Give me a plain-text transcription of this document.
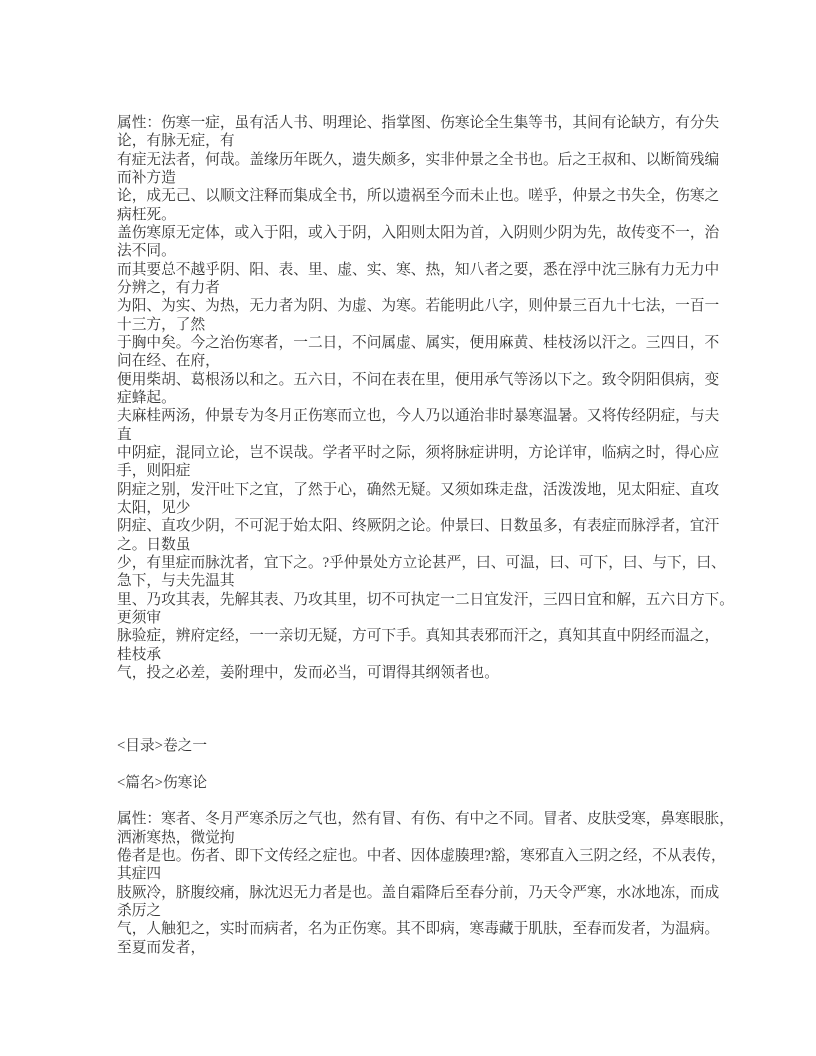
属性：伤寒一症，虽有活人书、明理论、指掌图、伤寒论全生集等书，其间有论缺方，有分失
论，有脉无症，有
有症无法者，何哉。盖缘历年既久，遗失颇多，实非仲景之全书也。后之王叔和、以断简残编
而补方造
论，成无己、以顺文注释而集成全书，所以遗祸至今而未止也。嗟乎，仲景之书失全，伤寒之
病枉死。
盖伤寒原无定体，或入于阳，或入于阴，入阳则太阳为首，入阴则少阴为先，故传变不一，治
法不同。
而其要总不越乎阴、阳、表、里、虚、实、寒、热，知八者之要，悉在浮中沈三脉有力无力中
分辨之，有力者
为阳、为实、为热，无力者为阴、为虚、为寒。若能明此八字，则仲景三百九十七法，一百一
十三方，了然
于胸中矣。今之治伤寒者，一二日，不问属虚、属实，便用麻黄、桂枝汤以汗之。三四日，不
问在经、在府，
便用柴胡、葛根汤以和之。五六日，不问在表在里，便用承气等汤以下之。致令阴阳俱病，变
症蜂起。
夫麻桂两汤，仲景专为冬月正伤寒而立也，今人乃以通治非时暴寒温暑。又将传经阴症，与夫
直
中阴症，混同立论，岂不误哉。学者平时之际，须将脉症讲明，方论详审，临病之时，得心应
手，则阳症
阴症之别，发汗吐下之宜，了然于心，确然无疑。又须如珠走盘，活泼泼地，见太阳症、直攻
太阳，见少
阴症、直攻少阴，不可泥于始太阳、终厥阴之论。仲景曰、日数虽多，有表症而脉浮者，宜汗
之。日数虽
少，有里症而脉沈者，宜下之。?乎仲景处方立论甚严，曰、可温，曰、可下，曰、与下，曰、
急下，与夫先温其
里、乃攻其表，先解其表、乃攻其里，切不可执定一二日宜发汗，三四日宜和解，五六日方下。
更须审
脉验症，辨府定经，一一亲切无疑，方可下手。真知其表邪而汗之，真知其直中阴经而温之，
桂枝承
气，投之必差，姜附理中，发而必当，可谓得其纲领者也。

<目录>卷之一

<篇名>伤寒论

属性：寒者、冬月严寒杀厉之气也，然有冒、有伤、有中之不同。冒者、皮肤受寒，鼻寒眼胀，
洒淅寒热，微觉拘
倦者是也。伤者、即下文传经之症也。中者、因体虚腠理?豁，寒邪直入三阴之经，不从表传，
其症四
肢厥冷，脐腹绞痛，脉沈迟无力者是也。盖自霜降后至春分前，乃天令严寒，水冰地冻，而成
杀厉之
气，人触犯之，实时而病者，名为正伤寒。其不即病，寒毒藏于肌肤，至春而发者，为温病。
至夏而发者，
